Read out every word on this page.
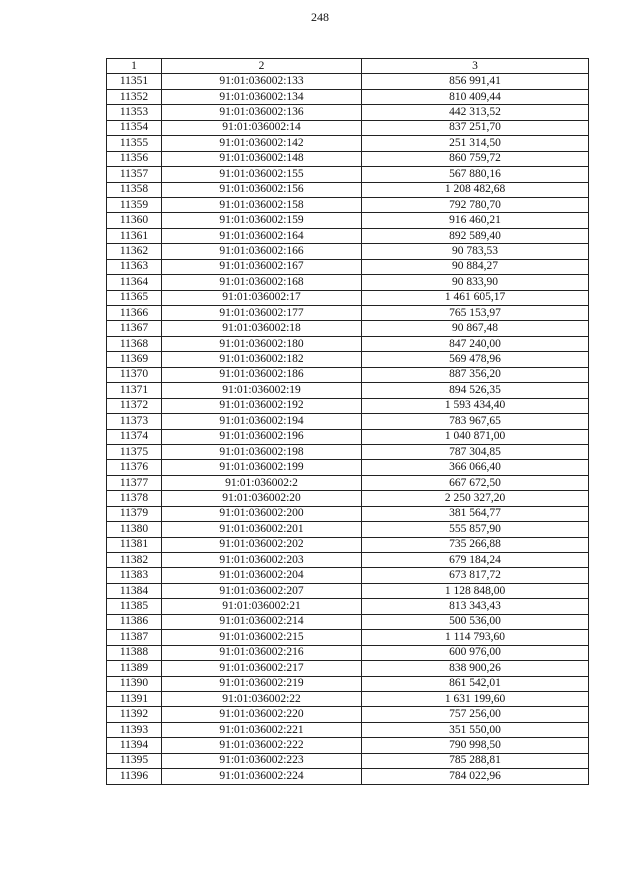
248
1	2	3
11351	91:01:036002:133	856 991,41
11352	91:01:036002:134	810 409,44
11353	91:01:036002:136	442 313,52
11354	91:01:036002:14	837 251,70
11355	91:01:036002:142	251 314,50
11356	91:01:036002:148	860 759,72
11357	91:01:036002:155	567 880,16
11358	91:01:036002:156	1 208 482,68
11359	91:01:036002:158	792 780,70
11360	91:01:036002:159	916 460,21
11361	91:01:036002:164	892 589,40
11362	91:01:036002:166	90 783,53
11363	91:01:036002:167	90 884,27
11364	91:01:036002:168	90 833,90
11365	91:01:036002:17	1 461 605,17
11366	91:01:036002:177	765 153,97
11367	91:01:036002:18	90 867,48
11368	91:01:036002:180	847 240,00
11369	91:01:036002:182	569 478,96
11370	91:01:036002:186	887 356,20
11371	91:01:036002:19	894 526,35
11372	91:01:036002:192	1 593 434,40
11373	91:01:036002:194	783 967,65
11374	91:01:036002:196	1 040 871,00
11375	91:01:036002:198	787 304,85
11376	91:01:036002:199	366 066,40
11377	91:01:036002:2	667 672,50
11378	91:01:036002:20	2 250 327,20
11379	91:01:036002:200	381 564,77
11380	91:01:036002:201	555 857,90
11381	91:01:036002:202	735 266,88
11382	91:01:036002:203	679 184,24
11383	91:01:036002:204	673 817,72
11384	91:01:036002:207	1 128 848,00
11385	91:01:036002:21	813 343,43
11386	91:01:036002:214	500 536,00
11387	91:01:036002:215	1 114 793,60
11388	91:01:036002:216	600 976,00
11389	91:01:036002:217	838 900,26
11390	91:01:036002:219	861 542,01
11391	91:01:036002:22	1 631 199,60
11392	91:01:036002:220	757 256,00
11393	91:01:036002:221	351 550,00
11394	91:01:036002:222	790 998,50
11395	91:01:036002:223	785 288,81
11396	91:01:036002:224	784 022,96
